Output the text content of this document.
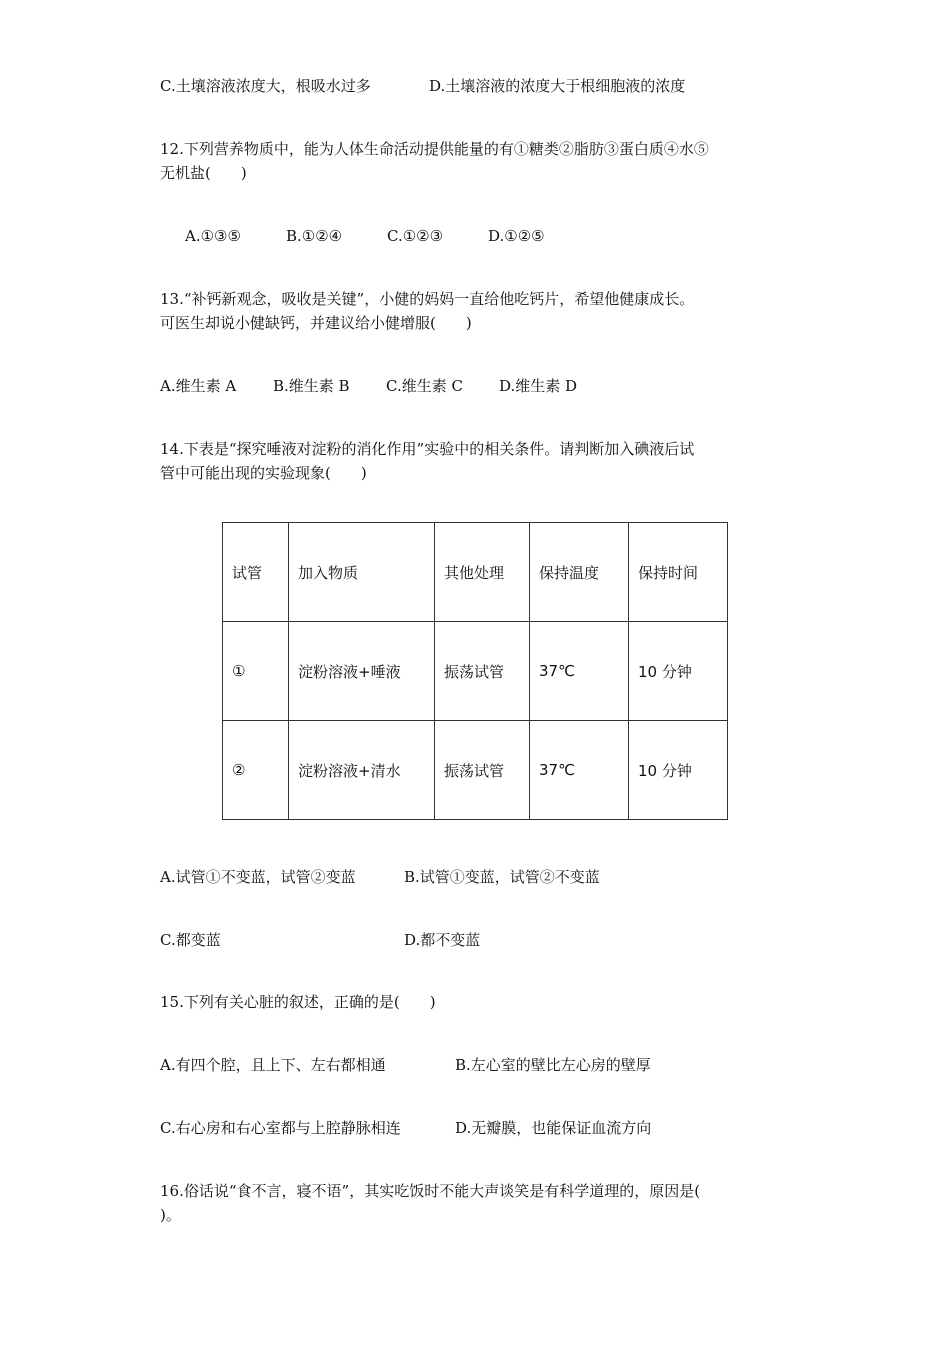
C.土壤溶液浓度大，根吸水过多	D.土壤溶液的浓度大于根细胞液的浓度
12.下列营养物质中，能为人体生命活动提供能量的有①糖类②脂肪③蛋白质④水⑤
无机盐(　　)
A.①③⑤	B.①②④	C.①②③	D.①②⑤
13.“补钙新观念，吸收是关键”，小健的妈妈一直给他吃钙片，希望他健康成长。
可医生却说小健缺钙，并建议给小健增服(　　)
A.维生素 A B.维生素 B C.维生素 C D.维生素 D
14.下表是“探究唾液对淀粉的消化作用”实验中的相关条件。请判断加入碘液后试
管中可能出现的实验现象(　　)
试管	加入物质	其他处理	保持温度	保持时间
①	淀粉溶液+唾液	振荡试管	37℃	10 分钟
②	淀粉溶液+清水	振荡试管	37℃	10 分钟
A.试管①不变蓝，试管②变蓝	B.试管①变蓝，试管②不变蓝
C.都变蓝	D.都不变蓝
15.下列有关心脏的叙述，正确的是(　　)
A.有四个腔，且上下、左右都相通	B.左心室的壁比左心房的壁厚
C.右心房和右心室都与上腔静脉相连	D.无瓣膜，也能保证血流方向
16.俗话说“食不言，寝不语”，其实吃饭时不能大声谈笑是有科学道理的，原因是(
)。
